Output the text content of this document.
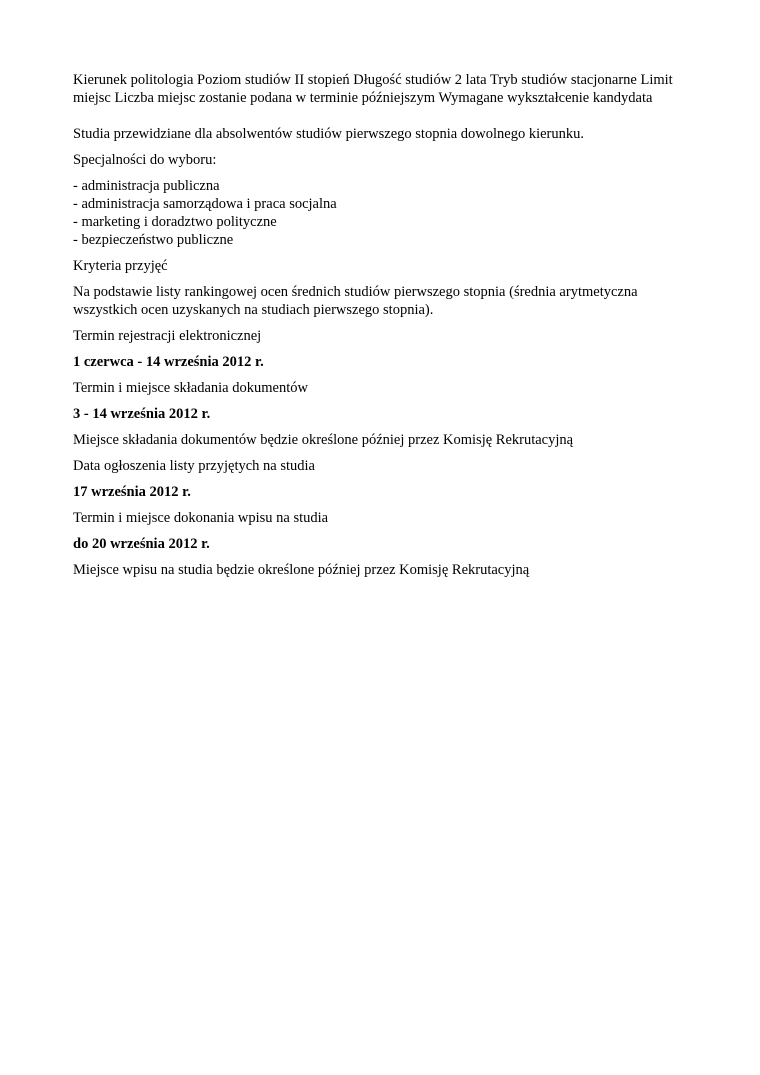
Kierunek politologia Poziom studiów II stopień Długość studiów 2 lata Tryb studiów stacjonarne Limit miejsc Liczba miejsc zostanie podana w terminie późniejszym Wymagane wykształcenie kandydata

Studia przewidziane dla absolwentów studiów pierwszego stopnia dowolnego kierunku.

Specjalności do wyboru:

- administracja publiczna
- administracja samorządowa i praca socjalna
- marketing i doradztwo polityczne
- bezpieczeństwo publiczne

Kryteria przyjęć

Na podstawie listy rankingowej ocen średnich studiów pierwszego stopnia (średnia arytmetyczna wszystkich ocen uzyskanych na studiach pierwszego stopnia).

Termin rejestracji elektronicznej

1 czerwca - 14 września 2012 r.

Termin i miejsce składania dokumentów

3 - 14 września 2012 r.

Miejsce składania dokumentów będzie określone później przez Komisję Rekrutacyjną

Data ogłoszenia listy przyjętych na studia

17 września 2012 r.

Termin i miejsce dokonania wpisu na studia

do 20 września 2012 r.

Miejsce wpisu na studia będzie określone później przez Komisję Rekrutacyjną
